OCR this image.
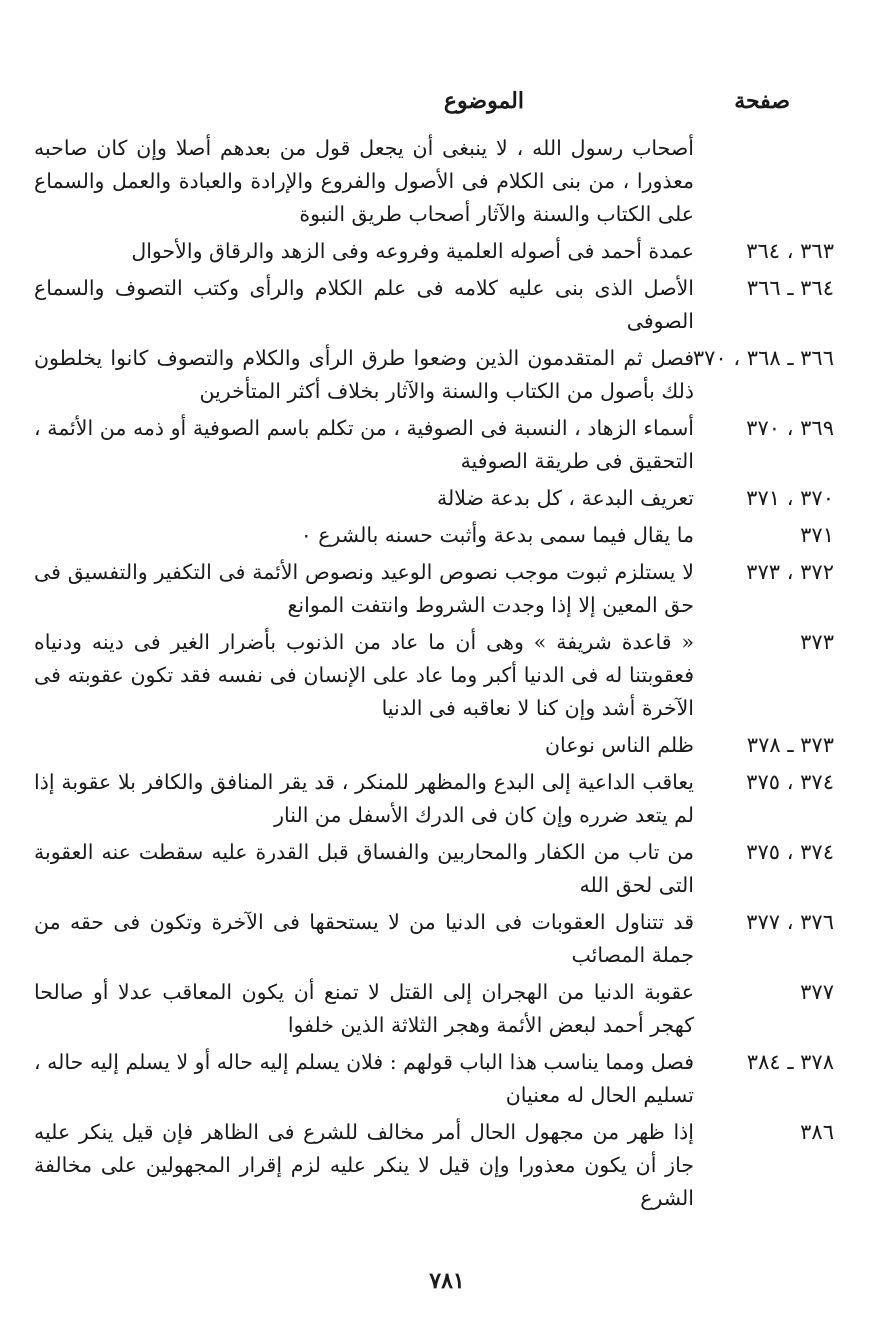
صفحة
الموضوع
أصحاب رسول الله ، لا ينبغى أن يجعل قول من بعدهم أصلا وإن كان صاحبه معذورا ، من بنى الكلام فى الأصول والفروع والإرادة والعبادة والعمل والسماع على الكتاب والسنة والآثار أصحاب طريق النبوة
٣٦٣ ، ٣٦٤
عمدة أحمد فى أصوله العلمية وفروعه وفى الزهد والرقاق والأحوال
٣٦٤ ـ ٣٦٦
الأصل الذى بنى عليه كلامه فى علم الكلام والرأى وكتب التصوف والسماع الصوفى
٣٦٦ ـ ٣٦٨ ، ٣٧٠
فصل ثم المتقدمون الذين وضعوا طرق الرأى والكلام والتصوف كانوا يخلطون ذلك بأصول من الكتاب والسنة والآثار بخلاف أكثر المتأخرين
٣٦٩ ، ٣٧٠
أسماء الزهاد ، النسبة فى الصوفية ، من تكلم باسم الصوفية أو ذمه من الأئمة ، التحقيق فى طريقة الصوفية
٣٧٠ ، ٣٧١
تعريف البدعة ، كل بدعة ضلالة
٣٧١
ما يقال فيما سمى بدعة وأثبت حسنه بالشرع ٠
٣٧٢ ، ٣٧٣
لا يستلزم ثبوت موجب نصوص الوعيد ونصوص الأئمة فى التكفير والتفسيق فى حق المعين إلا إذا وجدت الشروط وانتفت الموانع
٣٧٣
« قاعدة شريفة » وهى أن ما عاد من الذنوب بأضرار الغير فى دينه ودنياه فعقوبتنا له فى الدنيا أكبر وما عاد على الإنسان فى نفسه فقد تكون عقوبته فى الآخرة أشد وإن كنا لا نعاقبه فى الدنيا
٣٧٣ ـ ٣٧٨
ظلم الناس نوعان
٣٧٤ ، ٣٧٥
يعاقب الداعية إلى البدع والمظهر للمنكر ، قد يقر المنافق والكافر بلا عقوبة إذا لم يتعد ضرره وإن كان فى الدرك الأسفل من النار
٣٧٤ ، ٣٧٥
من تاب من الكفار والمحاربين والفساق قبل القدرة عليه سقطت عنه العقوبة التى لحق الله
٣٧٦ ، ٣٧٧
قد تتناول العقوبات فى الدنيا من لا يستحقها فى الآخرة وتكون فى حقه من جملة المصائب
٣٧٧
عقوبة الدنيا من الهجران إلى القتل لا تمنع أن يكون المعاقب عدلا أو صالحا كهجر أحمد لبعض الأئمة وهجر الثلاثة الذين خلفوا
٣٧٨ ـ ٣٨٤
فصل ومما يناسب هذا الباب قولهم : فلان يسلم إليه حاله أو لا يسلم إليه حاله ، تسليم الحال له معنيان
٣٨٦
إذا ظهر من مجهول الحال أمر مخالف للشرع فى الظاهر فإن قيل ينكر عليه جاز أن يكون معذورا وإن قيل لا ينكر عليه لزم إقرار المجهولين على مخالفة الشرع
٧٨١
